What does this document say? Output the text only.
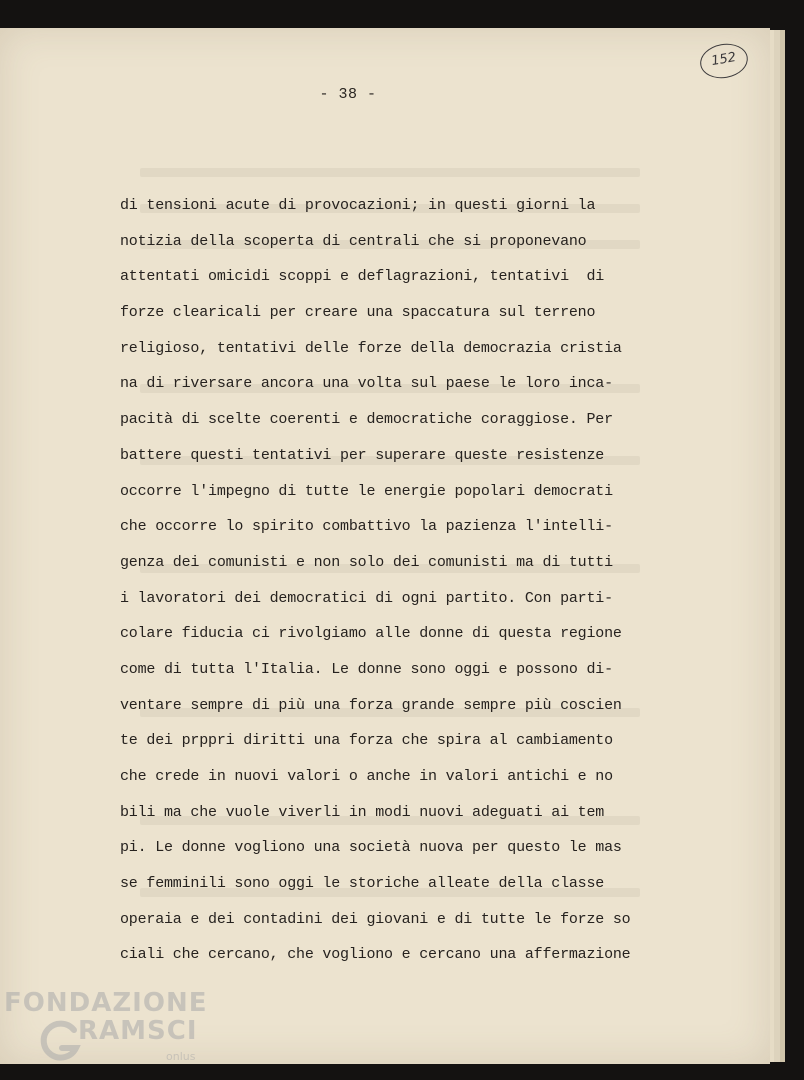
152
- 38 -
di tensioni acute di provocazioni; in questi giorni la
notizia della scoperta di centrali che si proponevano
attentati omicidi scoppi e deflagrazioni, tentativi  di
forze clearicali per creare una spaccatura sul terreno
religioso, tentativi delle forze della democrazia cristia
na di riversare ancora una volta sul paese le loro inca-
pacità di scelte coerenti e democratiche coraggiose. Per
battere questi tentativi per superare queste resistenze
occorre l'impegno di tutte le energie popolari democrati
che occorre lo spirito combattivo la pazienza l'intelli-
genza dei comunisti e non solo dei comunisti ma di tutti
i lavoratori dei democratici di ogni partito. Con parti-
colare fiducia ci rivolgiamo alle donne di questa regione
come di tutta l'Italia. Le donne sono oggi e possono di-
ventare sempre di più una forza grande sempre più coscien
te dei prppri diritti una forza che spira al cambiamento
che crede in nuovi valori o anche in valori antichi e no
bili ma che vuole viverli in modi nuovi adeguati ai tem
pi. Le donne vogliono una società nuova per questo le mas
se femminili sono oggi le storiche alleate della classe
operaia e dei contadini dei giovani e di tutte le forze so
ciali che cercano, che vogliono e cercano una affermazione
FONDAZIONE
RAMSCI
onlus
